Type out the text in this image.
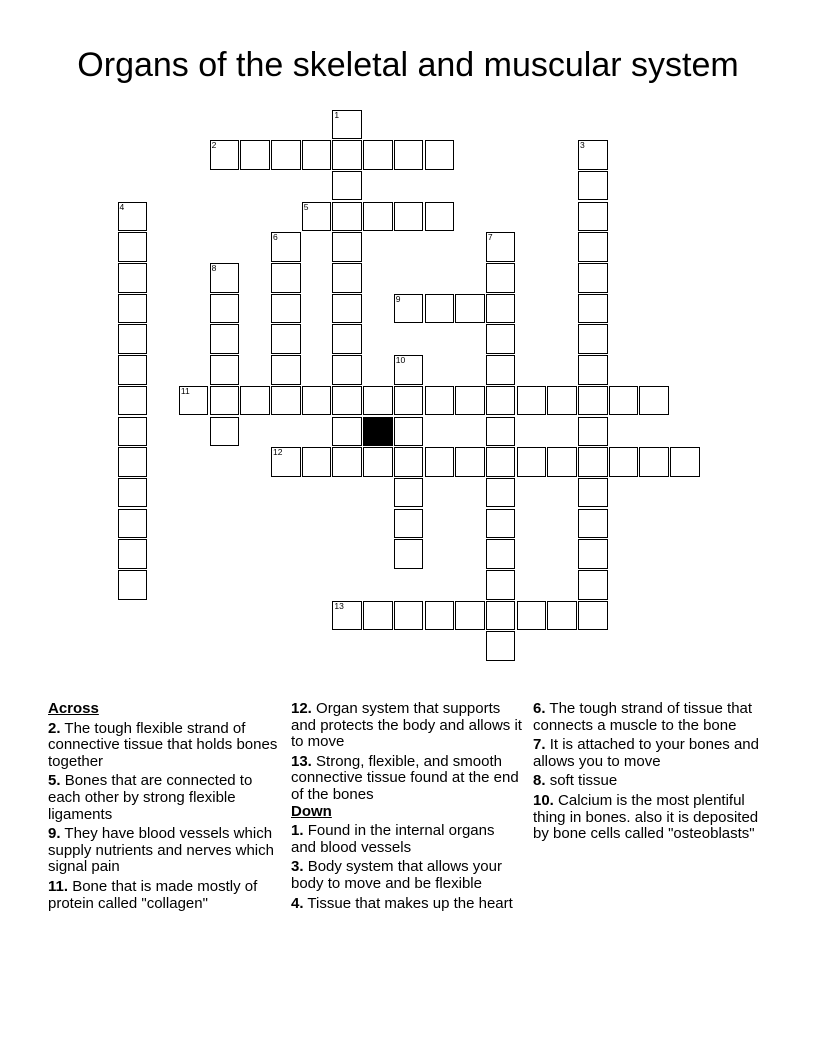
Organs of the skeletal and muscular system
1
2	3
4	5
6	7
8
9
10
11
12
13
Across
2. The tough flexible strand of connective tissue that holds bones together
5. Bones that are connected to each other by strong flexible ligaments
9. They have blood vessels which supply nutrients and nerves which signal pain
11. Bone that is made mostly of protein called "collagen"
12. Organ system that supports and protects the body and allows it to move
13. Strong, flexible, and smooth connective tissue found at the end of the bones
Down
1. Found in the internal organs and blood vessels
3. Body system that allows your body to move and be flexible
4. Tissue that makes up the heart
6. The tough strand of tissue that connects a muscle to the bone
7. It is attached to your bones and allows you to move
8. soft tissue
10. Calcium is the most plentiful thing in bones. also it is deposited by bone cells called "osteoblasts"
